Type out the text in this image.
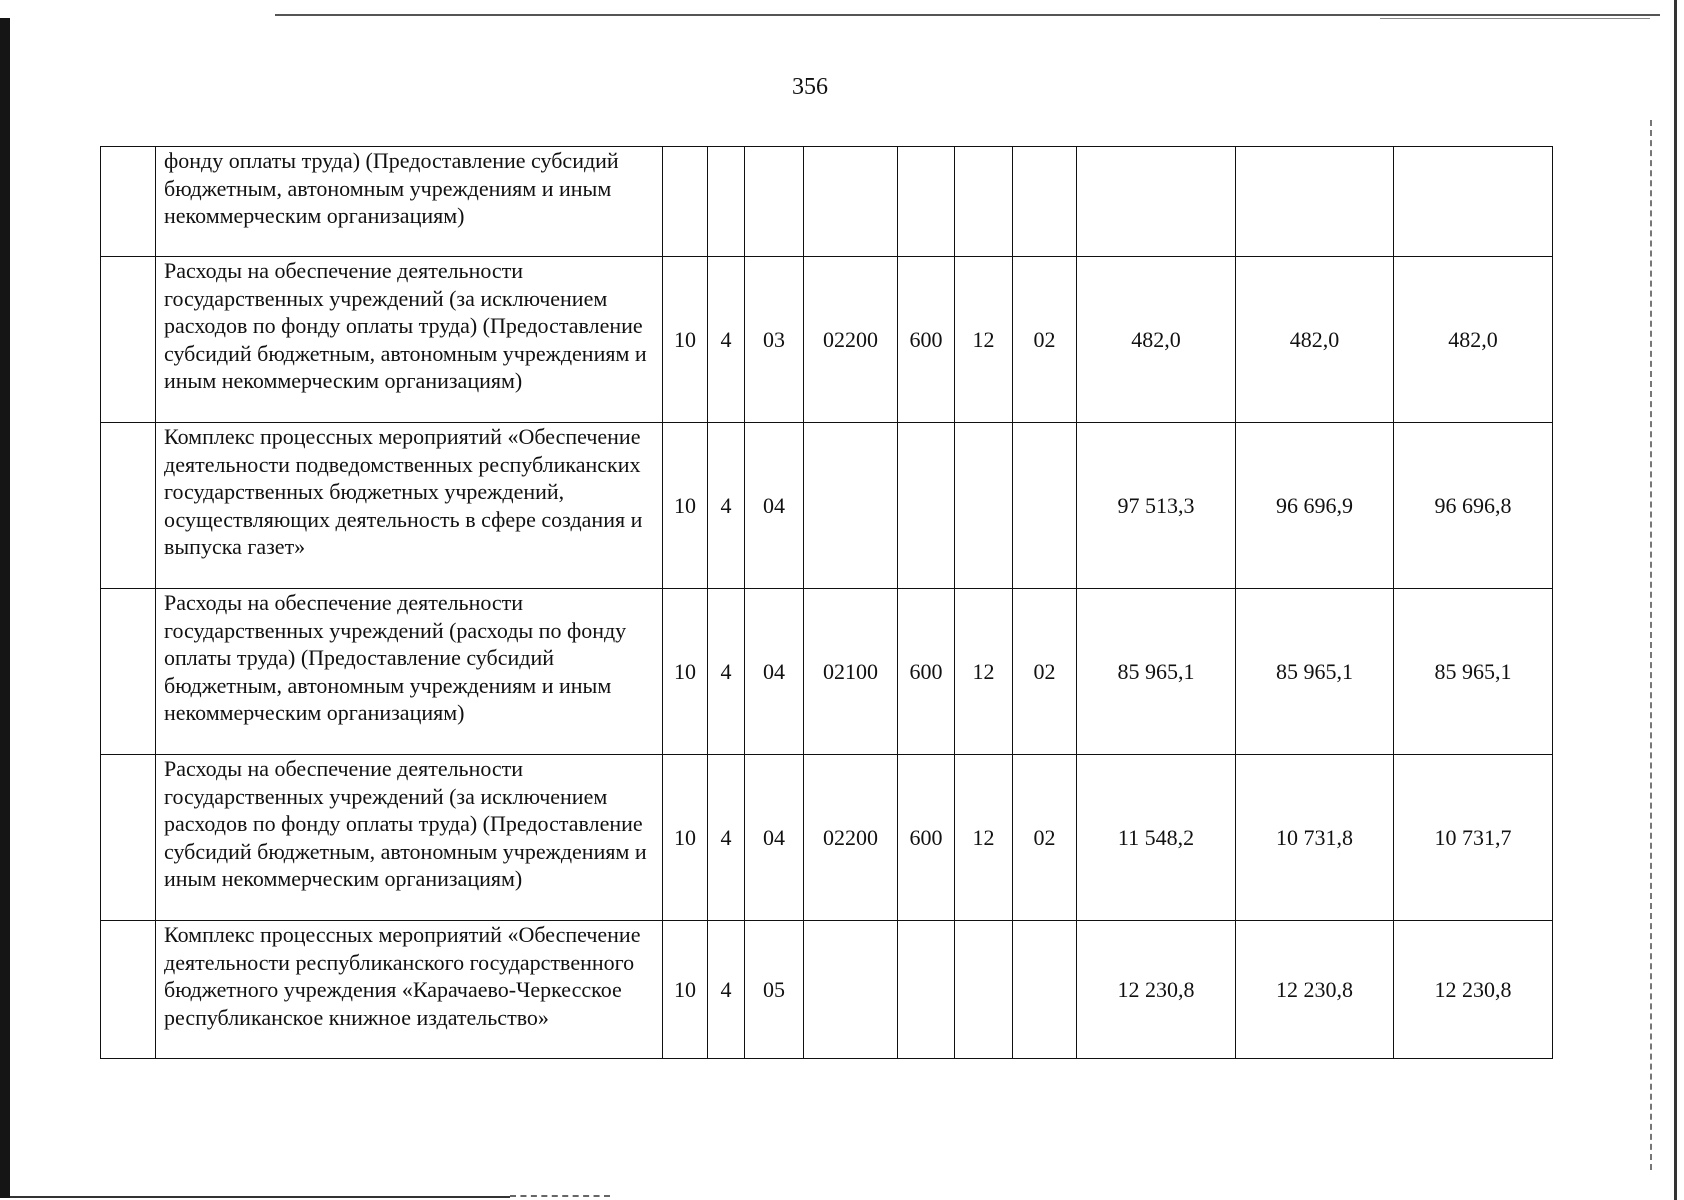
356
	фонду оплаты труда) (Предоставление субсидий бюджетным, автономным учреждениям и иным некоммерческим организациям)										
	Расходы на обеспечение деятельности государственных учреждений (за исключением расходов по фонду оплаты труда) (Предоставление субсидий бюджетным, автономным учреждениям и иным некоммерческим организациям)	10	4	03	02200	600	12	02	482,0	482,0	482,0
	Комплекс процессных мероприятий «Обеспечение деятельности подведомственных республиканских государственных бюджетных учреждений, осуществляющих деятельность в сфере создания и выпуска газет»	10	4	04					97 513,3	96 696,9	96 696,8
	Расходы на обеспечение деятельности государственных учреждений (расходы по фонду оплаты труда) (Предоставление субсидий бюджетным, автономным учреждениям и иным некоммерческим организациям)	10	4	04	02100	600	12	02	85 965,1	85 965,1	85 965,1
	Расходы на обеспечение деятельности государственных учреждений (за исключением расходов по фонду оплаты труда) (Предоставление субсидий бюджетным, автономным учреждениям и иным некоммерческим организациям)	10	4	04	02200	600	12	02	11 548,2	10 731,8	10 731,7
	Комплекс процессных мероприятий «Обеспечение деятельности республиканского государственного бюджетного учреждения «Карачаево-Черкесское республиканское книжное издательство»	10	4	05					12 230,8	12 230,8	12 230,8
